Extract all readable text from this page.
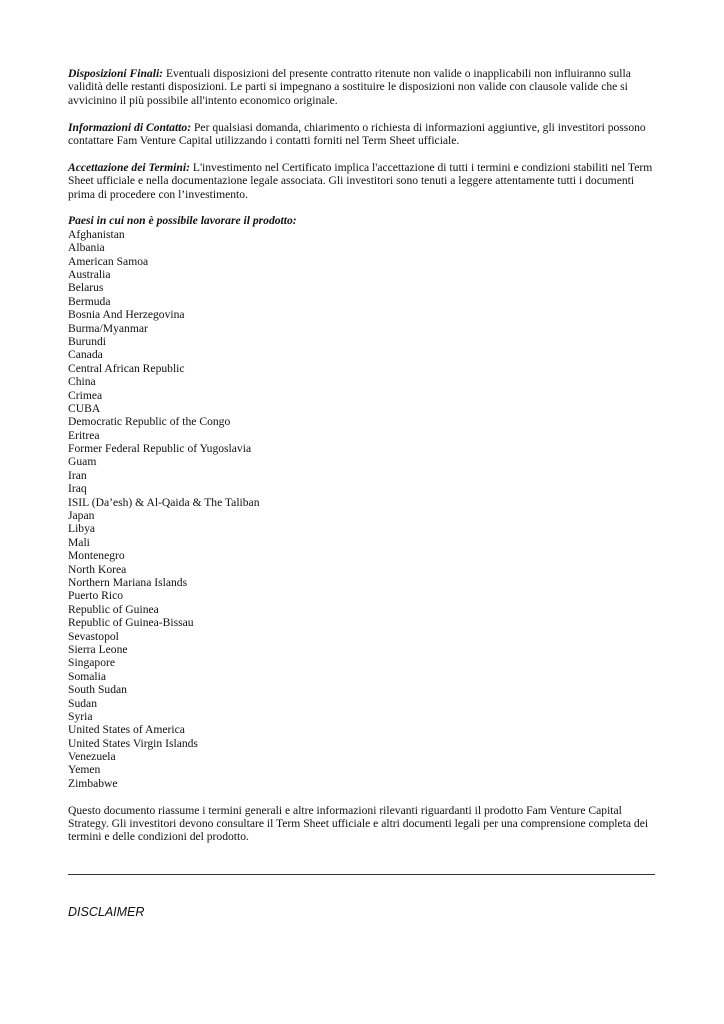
Disposizioni Finali: Eventuali disposizioni del presente contratto ritenute non valide o inapplicabili non influiranno sulla validità delle restanti disposizioni. Le parti si impegnano a sostituire le disposizioni non valide con clausole valide che si avvicinino il più possibile all'intento economico originale.

Informazioni di Contatto: Per qualsiasi domanda, chiarimento o richiesta di informazioni aggiuntive, gli investitori possono contattare Fam Venture Capital utilizzando i contatti forniti nel Term Sheet ufficiale.

Accettazione dei Termini: L'investimento nel Certificato implica l'accettazione di tutti i termini e condizioni stabiliti nel Term Sheet ufficiale e nella documentazione legale associata. Gli investitori sono tenuti a leggere attentamente tutti i documenti prima di procedere con l’investimento.

Paesi in cui non è possibile lavorare il prodotto:

Afghanistan
Albania
American Samoa
Australia
Belarus
Bermuda
Bosnia And Herzegovina
Burma/Myanmar
Burundi
Canada
Central African Republic
China
Crimea
CUBA
Democratic Republic of the Congo
Eritrea
Former Federal Republic of Yugoslavia
Guam
Iran
Iraq
ISIL (Da’esh) & Al-Qaida & The Taliban
Japan
Libya
Mali
Montenegro
North Korea
Northern Mariana Islands
Puerto Rico
Republic of Guinea
Republic of Guinea-Bissau
Sevastopol
Sierra Leone
Singapore
Somalia
South Sudan
Sudan
Syria
United States of America
United States Virgin Islands
Venezuela
Yemen
Zimbabwe

Questo documento riassume i termini generali e altre informazioni rilevanti riguardanti il prodotto Fam Venture Capital Strategy. Gli investitori devono consultare il Term Sheet ufficiale e altri documenti legali per una comprensione completa dei termini e delle condizioni del prodotto.

DISCLAIMER
